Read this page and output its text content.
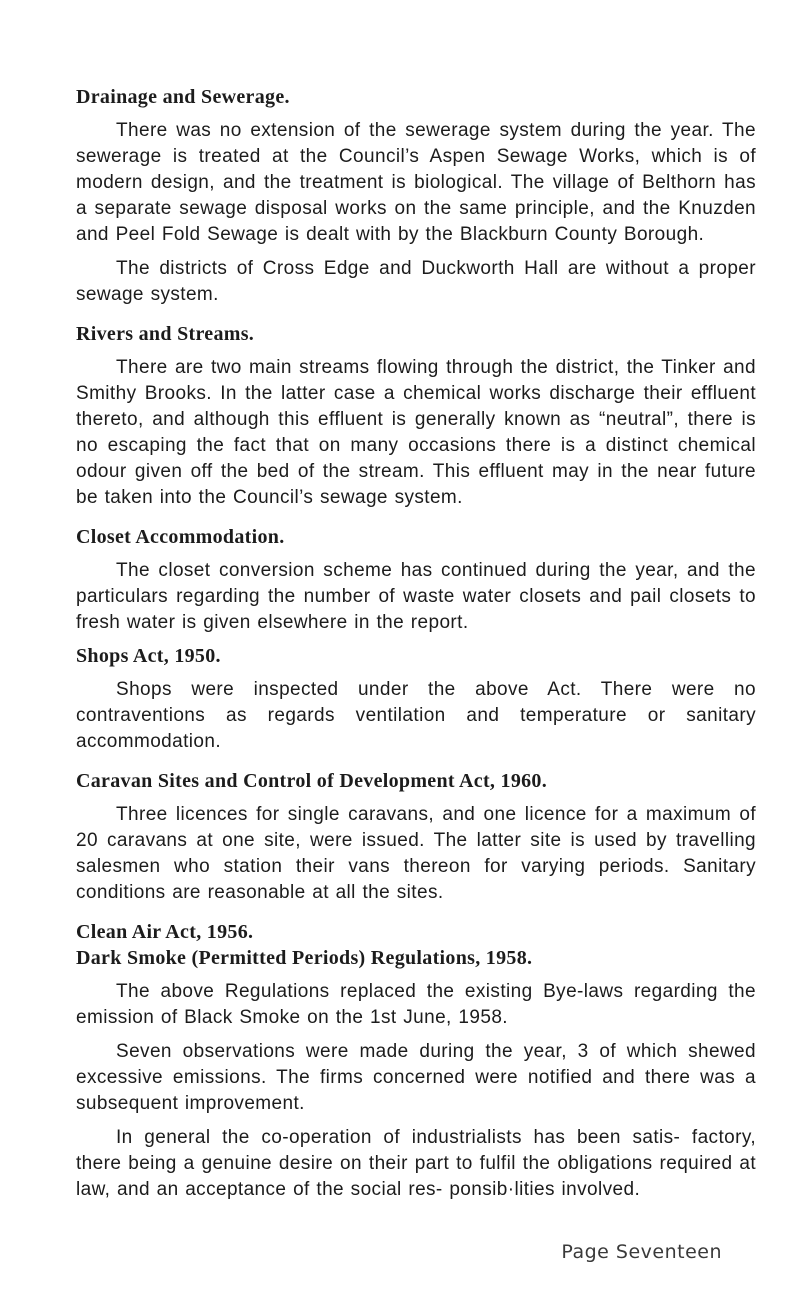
Drainage and Sewerage.

There was no extension of the sewerage system during the year. The sewerage is treated at the Council’s Aspen Sewage Works, which is of modern design, and the treatment is biological. The village of Belthorn has a separate sewage disposal works on the same principle, and the Knuzden and Peel Fold Sewage is dealt with by the Blackburn County Borough.

The districts of Cross Edge and Duckworth Hall are without a proper sewage system.

Rivers and Streams.

There are two main streams flowing through the district, the Tinker and Smithy Brooks. In the latter case a chemical works discharge their effluent thereto, and although this effluent is generally known as “neutral”, there is no escaping the fact that on many occasions there is a distinct chemical odour given off the bed of the stream. This effluent may in the near future be taken into the Council’s sewage system.

Closet Accommodation.

The closet conversion scheme has continued during the year, and the particulars regarding the number of waste water closets and pail closets to fresh water is given elsewhere in the report.

Shops Act, 1950.

Shops were inspected under the above Act. There were no contraventions as regards ventilation and temperature or sanitary accommodation.

Caravan Sites and Control of Development Act, 1960.

Three licences for single caravans, and one licence for a maximum of 20 caravans at one site, were issued. The latter site is used by travelling salesmen who station their vans thereon for varying periods. Sanitary conditions are reasonable at all the sites.

Clean Air Act, 1956.
Dark Smoke (Permitted Periods) Regulations, 1958.

The above Regulations replaced the existing Bye-laws regarding the emission of Black Smoke on the 1st June, 1958.

Seven observations were made during the year, 3 of which shewed excessive emissions. The firms concerned were notified and there was a subsequent improvement.

In general the co-operation of industrialists has been satis- factory, there being a genuine desire on their part to fulfil the obligations required at law, and an acceptance of the social res- ponsib·lities involved.

Page Seventeen
